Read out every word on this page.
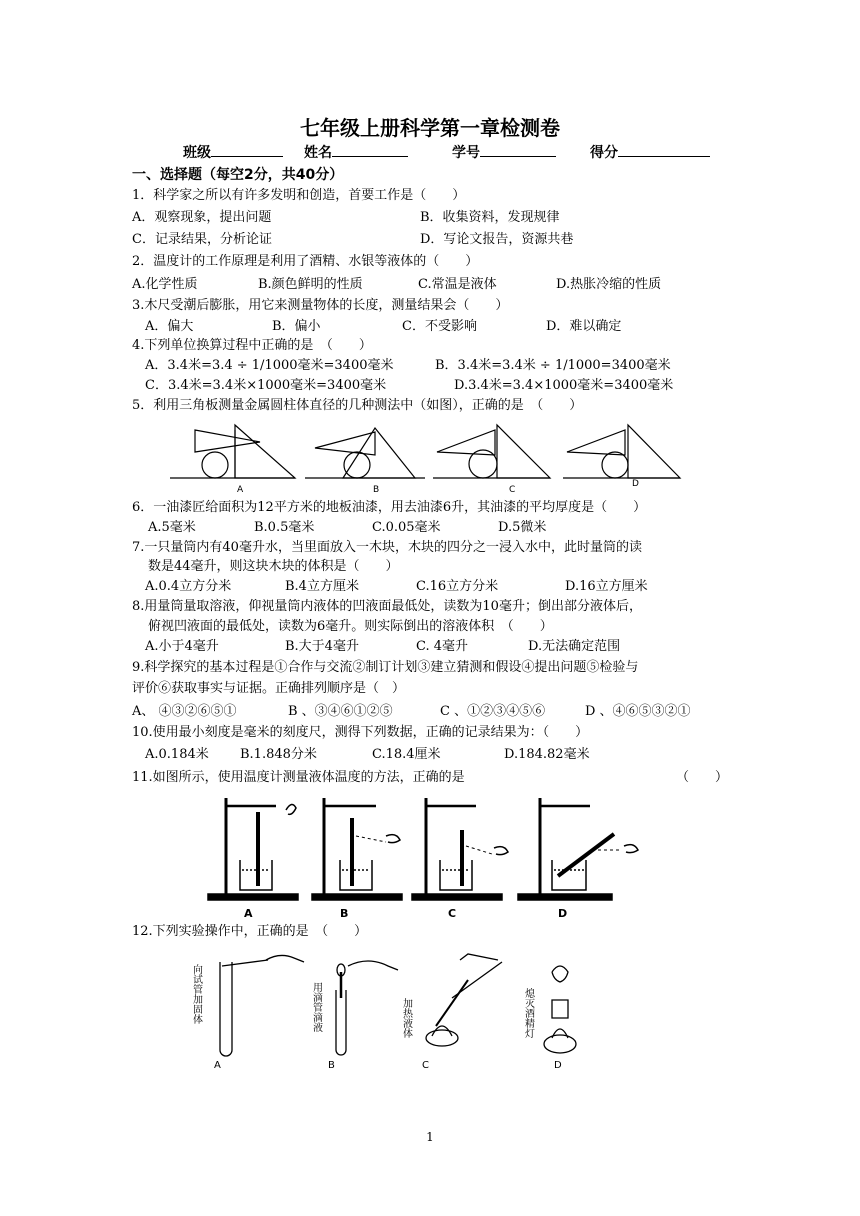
七年级上册科学第一章检测卷
班级	姓名	学号	得分
一、选择题（每空2分，共40分）
1．科学家之所以有许多发明和创造，首要工作是（　　）
A．观察现象，提出问题	B．收集资料，发现规律
C．记录结果，分析论证	D．写论文报告，资源共巷
2．温度计的工作原理是利用了酒精、水银等液体的（　　）
A.化学性质	B.颜色鲜明的性质	C.常温是液体	D.热胀冷缩的性质
3.木尺受潮后膨胀，用它来测量物体的长度，测量结果会（　　）
A．偏大	B．偏小	C．不受影响	D．难以确定
4.下列单位换算过程中正确的是　（　　）
A．3.4米=3.4 ÷ 1/1000毫米=3400毫米	B．3.4米=3.4米 ÷ 1/1000=3400毫米
C．3.4米=3.4米×1000毫米=3400毫米	D.3.4米=3.4×1000毫米=3400毫米
5．利用三角板测量金属圆柱体直径的几种测法中（如图），正确的是　（　　）
A	B	C
D
6．一油漆匠给面积为12平方米的地板油漆，用去油漆6升，其油漆的平均厚度是（　　）
A.5毫米	B.0.5毫米	C.0.05毫米	D.5微米
7.一只量筒内有40毫升水，当里面放入一木块，木块的四分之一浸入水中，此时量筒的读
数是44毫升，则这块木块的体积是（　　）
A.0.4立方分米	B.4立方厘米	C.16立方分米	D.16立方厘米
8.用量筒量取溶液，仰视量筒内液体的凹液面最低处，读数为10毫升；倒出部分液体后，
俯视凹液面的最低处，读数为6毫升。则实际倒出的溶液体积　（　　）
A.小于4毫升	B.大于4毫升	C. 4毫升	D.无法确定范围
9.科学探究的基本过程是①合作与交流②制订计划③建立猜测和假设④提出问题⑤检验与
评价⑥获取事实与证据。正确排列顺序是（　）
A、 ④③②⑥⑤①	B 、③④⑥①②⑤	C 、①②③④⑤⑥	D 、④⑥⑤③②①
10.使用最小刻度是毫米的刻度尺，测得下列数据，正确的记录结果为：（　　）
A.0.184米 B.1.848分米	C.18.4厘米	D.184.82毫米
11.如图所示，使用温度计测量液体温度的方法，正确的是	（　　）
A	B	C	D
12.下列实验操作中，正确的是　（　　）
向试管加固体	用滴管滴液	加热液体	熄灭酒精灯
A	B	C	D
1
